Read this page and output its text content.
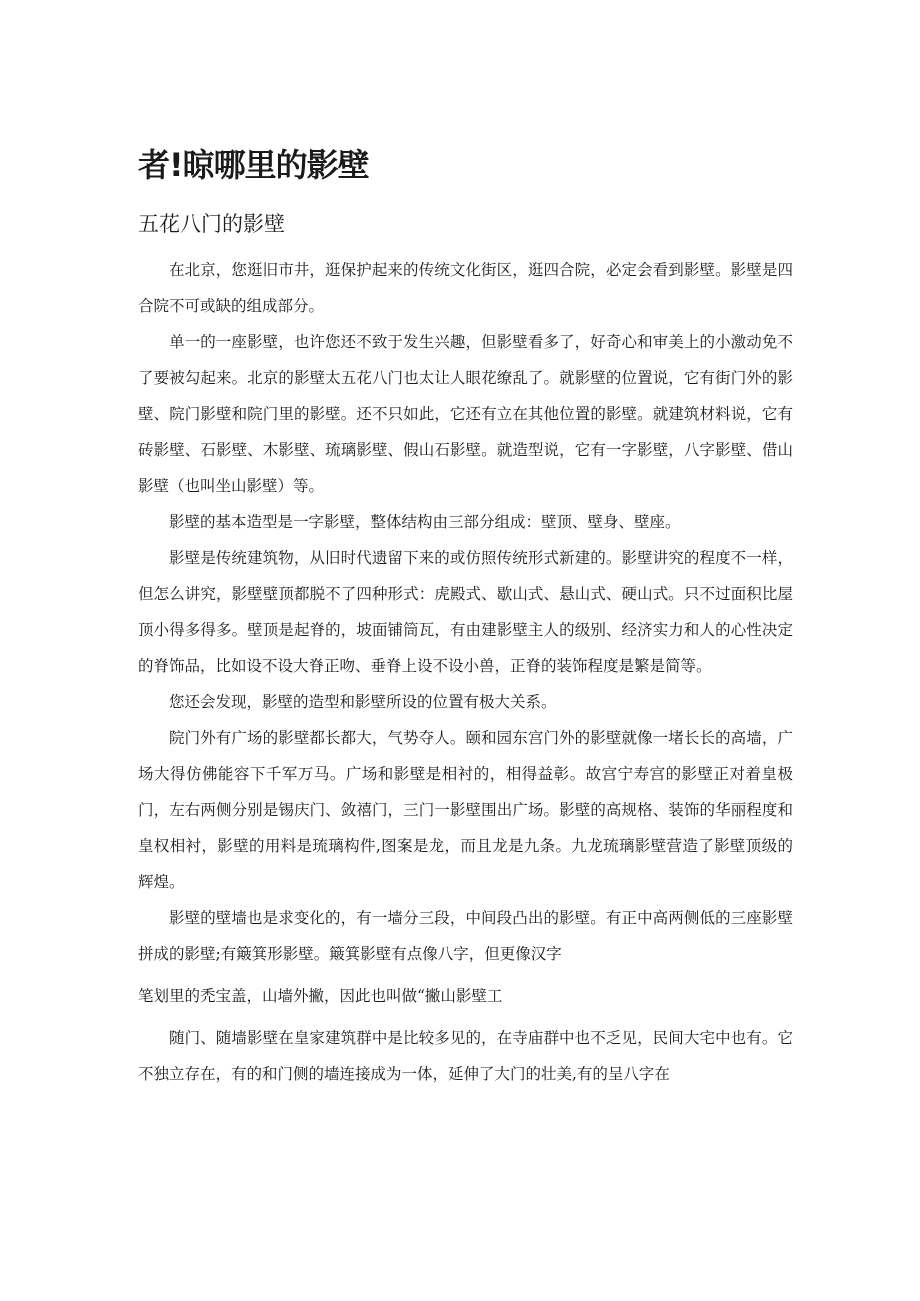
者!晾哪里的影壁
五花八门的影壁

在北京，您逛旧市井，逛保护起来的传统文化街区，逛四合院，必定会看到影壁。影壁是四合院不可或缺的组成部分。

单一的一座影壁，也许您还不致于发生兴趣，但影壁看多了，好奇心和审美上的小激动免不了要被勾起来。北京的影壁太五花八门也太让人眼花缭乱了。就影壁的位置说，它有街门外的影壁、院门影壁和院门里的影壁。还不只如此，它还有立在其他位置的影壁。就建筑材料说，它有砖影壁、石影壁、木影壁、琉璃影壁、假山石影壁。就造型说，它有一字影壁，八字影壁、借山影壁（也叫坐山影壁）等。

影壁的基本造型是一字影壁，整体结构由三部分组成：壁顶、壁身、壁座。

影壁是传统建筑物，从旧时代遗留下来的或仿照传统形式新建的。影壁讲究的程度不一样，但怎么讲究，影壁壁顶都脱不了四种形式：虎殿式、歇山式、悬山式、硬山式。只不过面积比屋顶小得多得多。壁顶是起脊的，坡面铺筒瓦，有由建影壁主人的级别、经济实力和人的心性决定的脊饰品，比如设不设大脊正吻、垂脊上设不设小兽，正脊的装饰程度是繁是简等。

您还会发现，影壁的造型和影壁所设的位置有极大关系。

院门外有广场的影壁都长都大，气势夺人。颐和园东宫门外的影壁就像一堵长长的高墙，广场大得仿佛能容下千军万马。广场和影壁是相衬的，相得益彰。故宫宁寿宫的影壁正对着皇极门，左右两侧分别是锡庆门、敛禧门，三门一影壁围出广场。影壁的高规格、装饰的华丽程度和皇权相衬，影壁的用料是琉璃构件,图案是龙，而且龙是九条。九龙琉璃影壁营造了影壁顶级的辉煌。

影壁的壁墙也是求变化的，有一墙分三段，中间段凸出的影壁。有正中高两侧低的三座影壁拼成的影壁;有簸箕形影壁。簸箕影壁有点像八字，但更像汉字

笔划里的禿宝盖，山墙外撇，因此也叫做“撇山影壁工

随门、随墙影壁在皇家建筑群中是比较多见的，在寺庙群中也不乏见，民间大宅中也有。它不独立存在，有的和门侧的墙连接成为一体，延伸了大门的壮美,有的呈八字在
